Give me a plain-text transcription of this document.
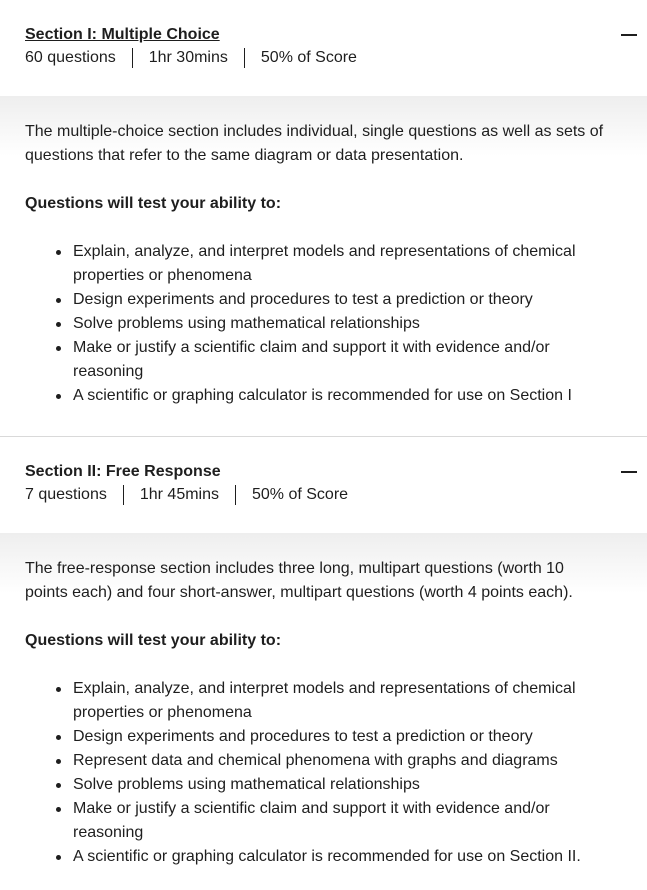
Section I: Multiple Choice
60 questions	1hr 30mins	50% of Score

The multiple-choice section includes individual, single questions as well as sets of questions that refer to the same diagram or data presentation.

Questions will test your ability to:

Explain, analyze, and interpret models and representations of chemical properties or phenomena
Design experiments and procedures to test a prediction or theory
Solve problems using mathematical relationships
Make or justify a scientific claim and support it with evidence and/or reasoning
A scientific or graphing calculator is recommended for use on Section I
Section II: Free Response
7 questions	1hr 45mins	50% of Score

The free-response section includes three long, multipart questions (worth 10 points each) and four short-answer, multipart questions (worth 4 points each).

Questions will test your ability to:

Explain, analyze, and interpret models and representations of chemical properties or phenomena
Design experiments and procedures to test a prediction or theory
Represent data and chemical phenomena with graphs and diagrams
Solve problems using mathematical relationships
Make or justify a scientific claim and support it with evidence and/or reasoning
A scientific or graphing calculator is recommended for use on Section II.
